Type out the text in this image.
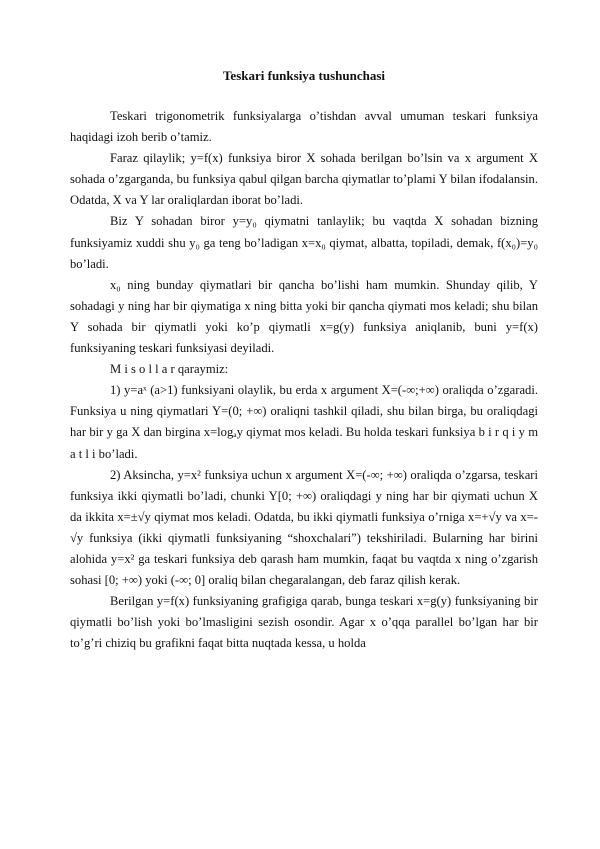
Teskari funksiya tushunchasi

Teskari trigonometrik funksiyalarga o’tishdan avval umuman teskari funksiya haqidagi izoh berib o’tamiz.

Faraz qilaylik; y=f(x) funksiya biror X sohada berilgan bo’lsin va x argument X sohada o’zgarganda, bu funksiya qabul qilgan barcha qiymatlar to’plami Y bilan ifodalansin. Odatda, X va Y lar oraliqlardan iborat bo’ladi.

Biz Y sohadan biror y=y₀ qiymatni tanlaylik; bu vaqtda X sohadan bizning funksiyamiz xuddi shu y₀ ga teng bo’ladigan x=x₀ qiymat, albatta, topiladi, demak, f(x₀)=y₀ bo’ladi.

x₀ ning bunday qiymatlari bir qancha bo’lishi ham mumkin. Shunday qilib, Y sohadagi y ning har bir qiymatiga x ning bitta yoki bir qancha qiymati mos keladi; shu bilan Y sohada bir qiymatli yoki ko’p qiymatli x=g(y) funksiya aniqlanib, buni y=f(x) funksiyaning teskari funksiyasi deyiladi.

M i s o l l a r qaraymiz:

1) y=aˣ (a>1) funksiyani olaylik, bu erda x argument X=(-∞;+∞) oraliqda o’zgaradi. Funksiya u ning qiymatlari Y=(0; +∞) oraliqni tashkil qiladi, shu bilan birga, bu oraliqdagi har bir y ga X dan birgina x=logₐy qiymat mos keladi. Bu holda teskari funksiya b i r q i y m a t l i bo’ladi.

2) Aksincha, y=x² funksiya uchun x argument X=(-∞; +∞) oraliqda o’zgarsa, teskari funksiya ikki qiymatli bo’ladi, chunki Y[0; +∞) oraliqdagi y ning har bir qiymati uchun X da ikkita x=±√y qiymat mos keladi. Odatda, bu ikki qiymatli funksiya o’rniga x=+√y va x=-√y funksiya (ikki qiymatli funksiyaning “shoxchalari”) tekshiriladi. Bularning har birini alohida y=x² ga teskari funksiya deb qarash ham mumkin, faqat bu vaqtda x ning o’zgarish sohasi [0; +∞) yoki (-∞; 0] oraliq bilan chegaralangan, deb faraz qilish kerak.

Berilgan y=f(x) funksiyaning grafigiga qarab, bunga teskari x=g(y) funksiyaning bir qiymatli bo’lish yoki bo’lmasligini sezish osondir. Agar x o’qqa parallel bo’lgan har bir to’g’ri chiziq bu grafikni faqat bitta nuqtada kessa, u holda
